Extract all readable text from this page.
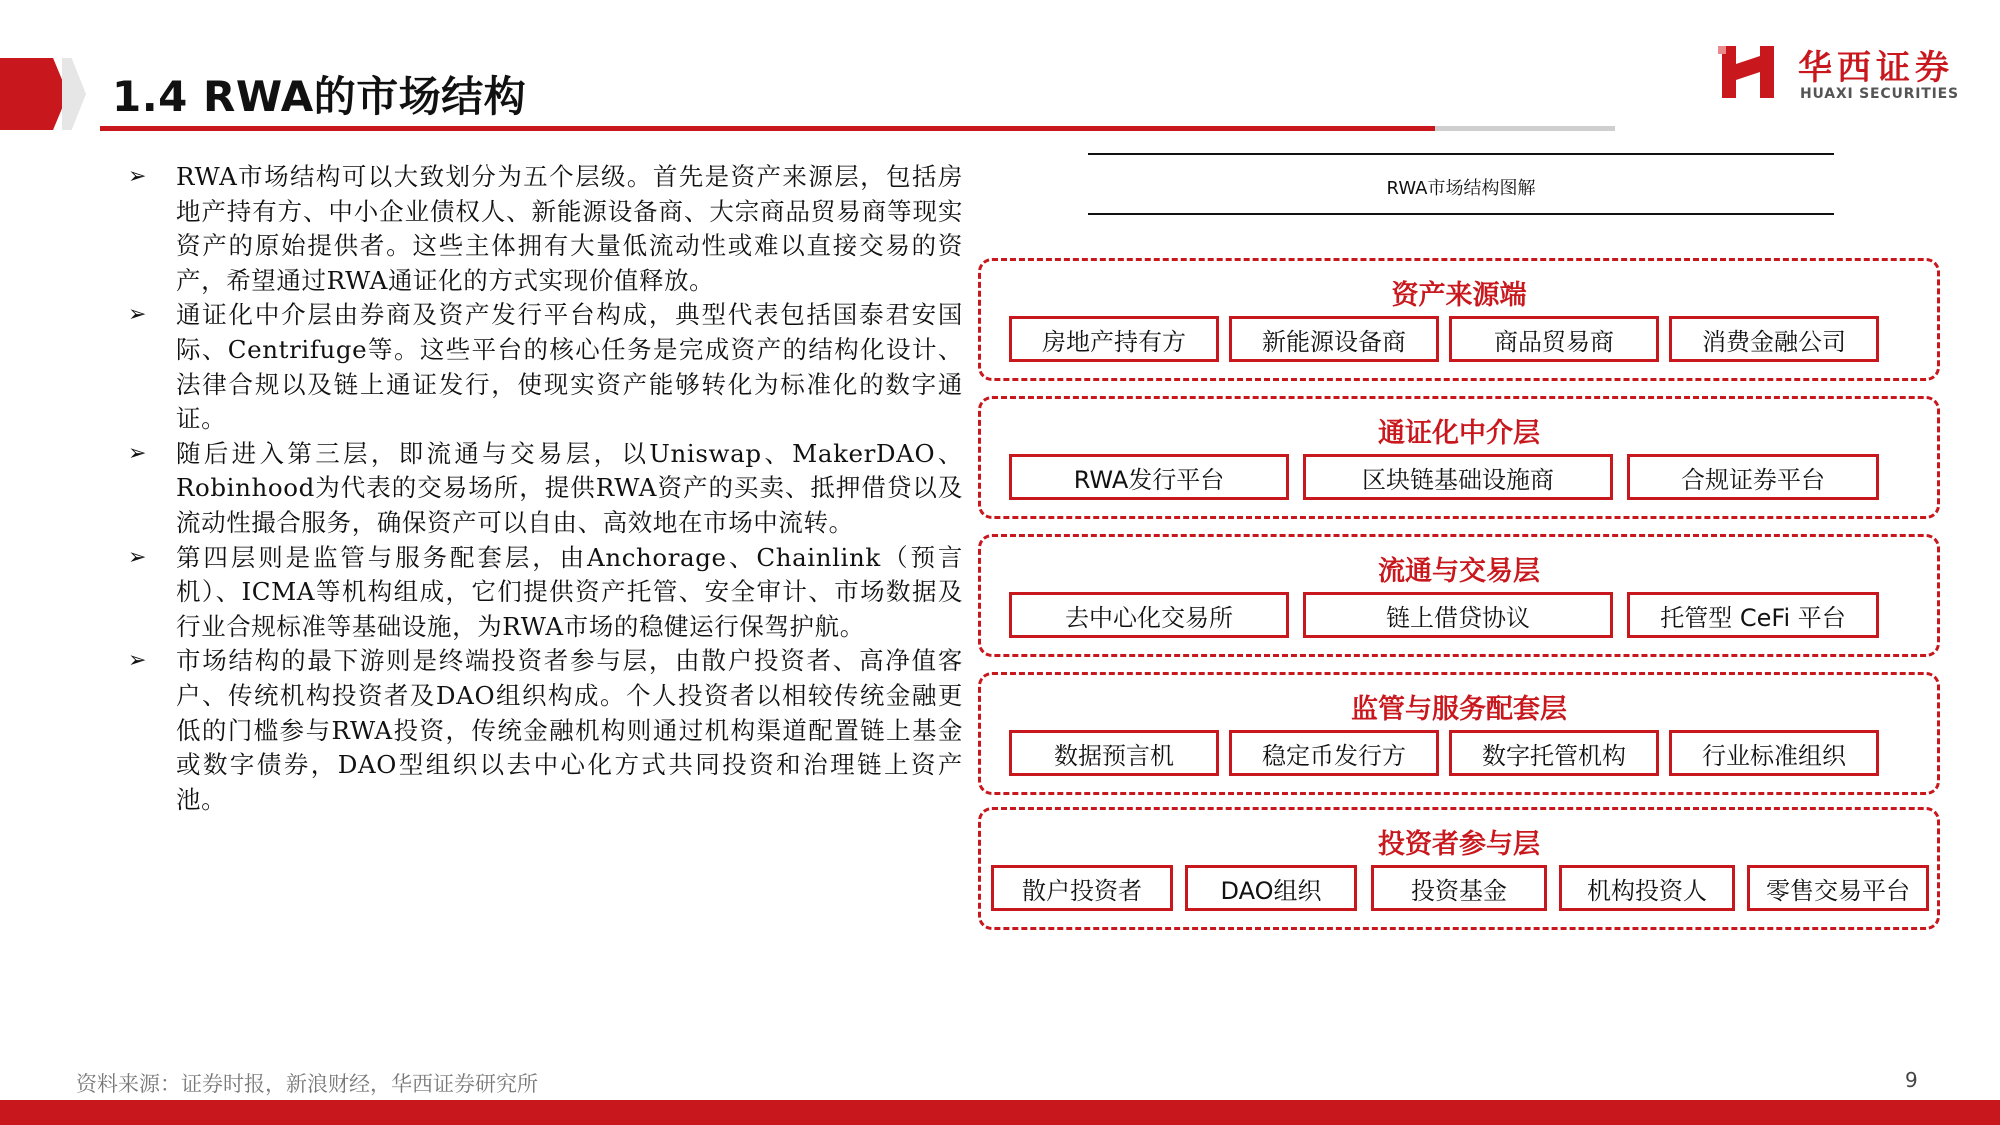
1.4 RWA的市场结构
华西证券
HUAXI SECURITIES
➢ RWA市场结构可以大致划分为五个层级。首先是资产来源层，包括房地产持有方、中小企业债权人、新能源设备商、大宗商品贸易商等现实资产的原始提供者。这些主体拥有大量低流动性或难以直接交易的资产，希望通过RWA通证化的方式实现价值释放。
➢ 通证化中介层由券商及资产发行平台构成，典型代表包括国泰君安国际、Centrifuge等。这些平台的核心任务是完成资产的结构化设计、法律合规以及链上通证发行，使现实资产能够转化为标准化的数字通证。
➢ 随后进入第三层，即流通与交易层，以Uniswap、MakerDAO、Robinhood为代表的交易场所，提供RWA资产的买卖、抵押借贷以及流动性撮合服务，确保资产可以自由、高效地在市场中流转。
➢ 第四层则是监管与服务配套层，由Anchorage、Chainlink（预言机）、ICMA等机构组成，它们提供资产托管、安全审计、市场数据及行业合规标准等基础设施，为RWA市场的稳健运行保驾护航。
➢ 市场结构的最下游则是终端投资者参与层，由散户投资者、高净值客户、传统机构投资者及DAO组织构成。个人投资者以相较传统金融更低的门槛参与RWA投资，传统金融机构则通过机构渠道配置链上基金或数字债券，DAO型组织以去中心化方式共同投资和治理链上资产池。
RWA市场结构图解
资产来源端
房地产持有方	新能源设备商	商品贸易商	消费金融公司
通证化中介层
RWA发行平台	区块链基础设施商	合规证券平台
流通与交易层
去中心化交易所	链上借贷协议	托管型 CeFi 平台
监管与服务配套层
数据预言机	稳定币发行方	数字托管机构	行业标准组织
投资者参与层
散户投资者	DAO组织	投资基金	机构投资人	零售交易平台
资料来源：证券时报，新浪财经，华西证券研究所	9
